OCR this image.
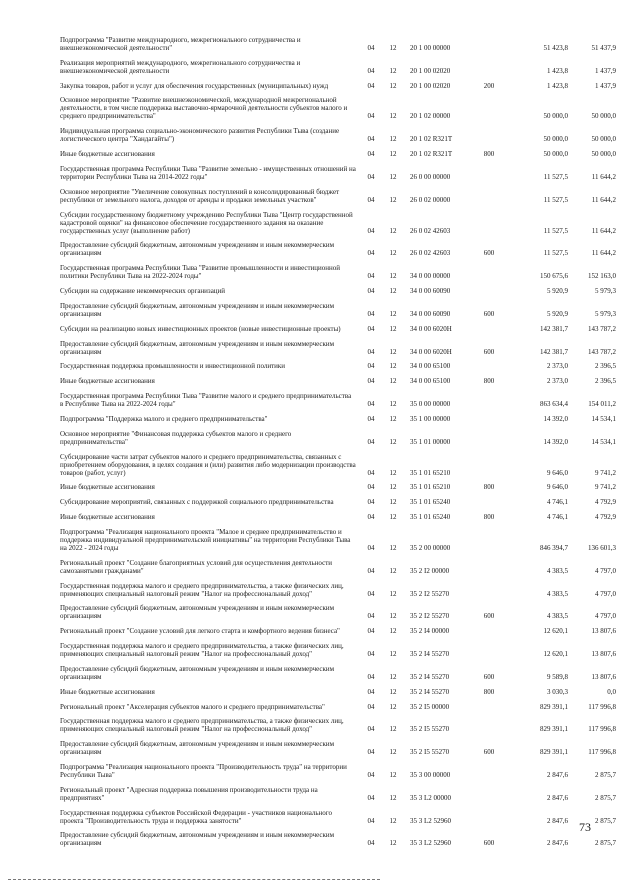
Подпрограмма "Развитие международного, межрегионального сотрудничества и внешнеэкономической деятельности"	04	12	20 1 00 00000	51 423,8	51 437,9
Реализация мероприятий международного, межрегионального сотрудничества и внешнеэкономической деятельности	04	12	20 1 00 02020	1 423,8	1 437,9
Закупка товаров, работ и услуг для обеспечения государственных (муниципальных) нужд	04	12	20 1 00 02020	200	1 423,8	1 437,9
Основное мероприятие "Развитие внешнеэкономической, международной межрегиональной деятельности, в том числе поддержка выставочно-ярмарочной деятельности субъектов малого и среднего предпринимательства"	04	12	20 1 02 00000	50 000,0	50 000,0
Индивидуальная программа социально-экономического развития Республики Тыва (создание логистического центра "Хандагайты")	04	12	20 1 02 R321T	50 000,0	50 000,0
Иные бюджетные ассигнования	04	12	20 1 02 R321T	800	50 000,0	50 000,0
Государственная программа Республики Тыва "Развитие земельно - имущественных отношений на территории Республики Тыва на 2014-2022 годы"	04	12	26 0 00 00000	11 527,5	11 644,2
Основное мероприятие "Увеличение совокупных поступлений в консолидированный бюджет республики от земельного налога, доходов от аренды и продажи земельных участков"	04	12	26 0 02 00000	11 527,5	11 644,2
Субсидии государственному бюджетному учреждению Республики Тыва "Центр государственной кадастровой оценки" на финансовое обеспечение государственного задания на оказание государственных услуг (выполнение работ)	04	12	26 0 02 42603	11 527,5	11 644,2
Предоставление субсидий бюджетным, автономным учреждениям и иным некоммерческим организациям	04	12	26 0 02 42603	600	11 527,5	11 644,2
Государственная программа Республики Тыва "Развитие промышленности и инвестиционной политики Республики Тыва на 2022-2024 годы"	04	12	34 0 00 00000	150 675,6	152 163,0
Субсидии на содержание некоммерческих организаций	04	12	34 0 00 60090	5 920,9	5 979,3
Предоставление субсидий бюджетным, автономным учреждениям и иным некоммерческим организациям	04	12	34 0 00 60090	600	5 920,9	5 979,3
Субсидии на реализацию новых инвестиционных проектов (новые инвестиционные проекты)	04	12	34 0 00 6020Н	142 381,7	143 787,2
Предоставление субсидий бюджетным, автономным учреждениям и иным некоммерческим организациям	04	12	34 0 00 6020Н	600	142 381,7	143 787,2
Государственная поддержка промышленности и инвестиционной политики	04	12	34 0 00 65100	2 373,0	2 396,5
Иные бюджетные ассигнования	04	12	34 0 00 65100	800	2 373,0	2 396,5
Государственная программа Республики Тыва "Развитие малого и среднего предпринимательства в Республике Тыва на 2022-2024 годы"	04	12	35 0 00 00000	863 634,4	154 011,2
Подпрограмма "Поддержка малого и среднего предпринимательства"	04	12	35 1 00 00000	14 392,0	14 534,1
Основное мероприятие "Финансовая поддержка субъектов малого и среднего предпринимательства"	04	12	35 1 01 00000	14 392,0	14 534,1
Субсидирование части затрат субъектов малого и среднего предпринимательства, связанных с приобретением оборудования, в целях создания и (или) развития либо модернизации производства товаров (работ, услуг)	04	12	35 1 01 65210	9 646,0	9 741,2
Иные бюджетные ассигнования	04	12	35 1 01 65210	800	9 646,0	9 741,2
Субсидирование мероприятий, связанных с поддержкой социального предпринимательства	04	12	35 1 01 65240	4 746,1	4 792,9
Иные бюджетные ассигнования	04	12	35 1 01 65240	800	4 746,1	4 792,9
Подпрограмма "Реализация национального проекта "Малое и среднее предпринимательство и поддержка индивидуальной предпринимательской инициативы" на территории Республики Тыва на 2022 - 2024 годы	04	12	35 2 00 00000	846 394,7	136 601,3
Региональный проект "Создание благоприятных условий для осуществления деятельности самозанятыми гражданами"	04	12	35 2 I2 00000	4 383,5	4 797,0
Государственная поддержка малого и среднего предпринимательства, а также физических лиц, применяющих специальный налоговый режим "Налог на профессиональный доход"	04	12	35 2 I2 55270	4 383,5	4 797,0
Предоставление субсидий бюджетным, автономным учреждениям и иным некоммерческим организациям	04	12	35 2 I2 55270	600	4 383,5	4 797,0
Региональный проект "Создание условий для легкого старта и комфортного ведения бизнеса"	04	12	35 2 I4 00000	12 620,1	13 807,6
Государственная поддержка малого и среднего предпринимательства, а также физических лиц, применяющих специальный налоговый режим "Налог на профессиональный доход"	04	12	35 2 I4 55270	12 620,1	13 807,6
Предоставление субсидий бюджетным, автономным учреждениям и иным некоммерческим организациям	04	12	35 2 I4 55270	600	9 589,8	13 807,6
Иные бюджетные ассигнования	04	12	35 2 I4 55270	800	3 030,3	0,0
Региональный проект "Акселерация субъектов малого и среднего предпринимательства"	04	12	35 2 I5 00000	829 391,1	117 996,8
Государственная поддержка малого и среднего предпринимательства, а также физических лиц, применяющих специальный налоговый режим "Налог на профессиональный доход"	04	12	35 2 I5 55270	829 391,1	117 996,8
Предоставление субсидий бюджетным, автономным учреждениям и иным некоммерческим организациям	04	12	35 2 I5 55270	600	829 391,1	117 996,8
Подпрограмма "Реализация национального проекта "Производительность труда" на территории Республики Тыва"	04	12	35 3 00 00000	2 847,6	2 875,7
Региональный проект "Адресная поддержка повышения производительности труда на предприятиях"	04	12	35 3 L2 00000	2 847,6	2 875,7
Государственная поддержка субъектов Российской Федерации - участников национального проекта "Производительность труда и поддержка занятости"	04	12	35 3 L2 52960	2 847,6	2 875,7
Предоставление субсидий бюджетным, автономным учреждениям и иным некоммерческим организациям	04	12	35 3 L2 52960	600	2 847,6	2 875,7
73
